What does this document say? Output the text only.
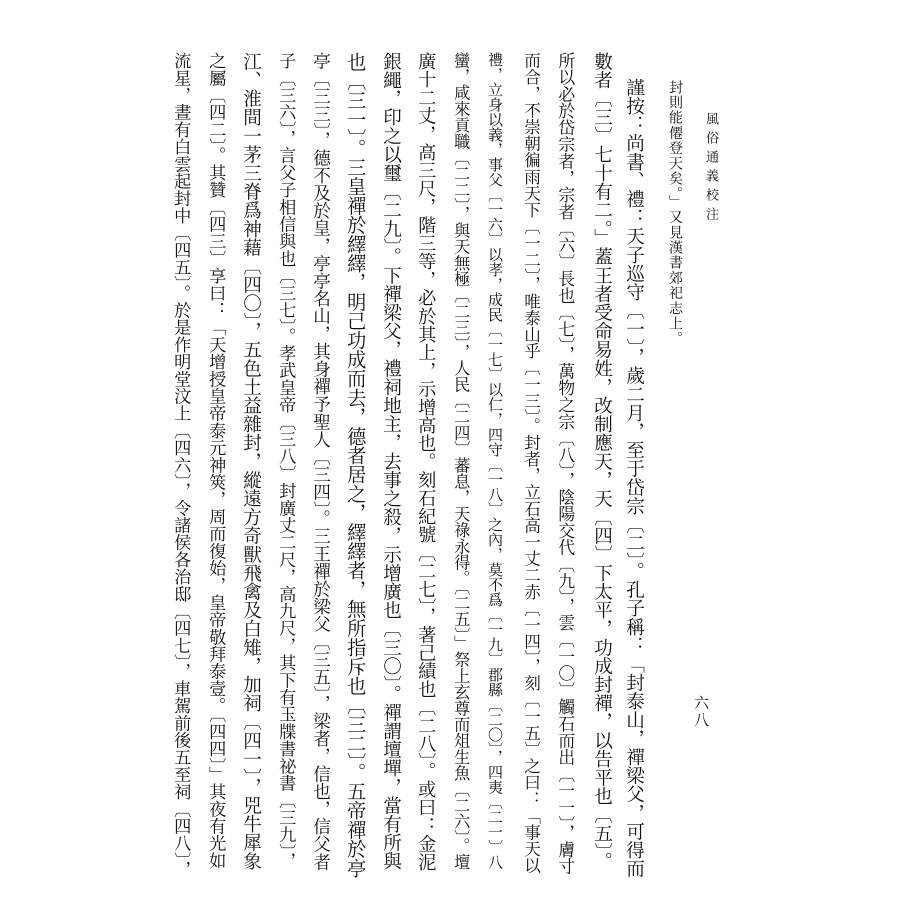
風俗通義校注
六八
封則能僊登天矣。」又見漢書郊祀志上。
謹按：尚書、禮：天子巡守〔一〕，歲二月，至于岱宗〔二〕。孔子稱：「封泰山，禪梁父，可得而
數者〔三〕七十有二。」蓋王者受命易姓，改制應天，天〔四〕下太平，功成封禪，以告平也〔五〕。
所以必於岱宗者，宗者〔六〕長也〔七〕，萬物之宗〔八〕，陰陽交代〔九〕，雲〔一〇〕觸石而出〔一一〕，膚寸
而合，不崇朝徧雨天下〔一二〕，唯泰山乎〔一三〕。封者，立石高一丈二赤〔一四〕，刻〔一五〕之曰：「事天以
禮，立身以義，事父〔一六〕以孝，成民〔一七〕以仁，四守〔一八〕之內，莫不爲〔一九〕郡縣〔二〇〕，四夷〔二一〕八
蠻，咸來貢職〔二二〕，與天無極〔二三〕，人民〔二四〕蕃息，天祿永得。〔二五〕」祭上玄尊而俎生魚〔二六〕。壇
廣十二丈，高三尺，階三等，必於其上，示增高也。刻石紀號〔二七〕，著己績也〔二八〕。或曰：金泥
銀繩，印之以璽〔二九〕。下禪梁父，禮祠地主，去事之殺，示增廣也〔三〇〕。禪謂壇墠，當有所與
也〔三一〕。三皇禪於繹繹，明己功成而去，德者居之，繹繹者，無所指斥也〔三二〕。五帝禪於亭
亭〔三三〕，德不及於皇，亭亭名山，其身禪予聖人〔三四〕。三王禪於梁父〔三五〕，梁者，信也，信父者
子〔三六〕，言父子相信與也〔三七〕。孝武皇帝〔三八〕封廣丈二尺，高九尺，其下有玉牒書祕書〔三九〕，
江、淮間一茅三脊爲神藉〔四〇〕，五色土益雜封，縱遠方奇獸飛禽及白雉，加祠〔四一〕，兕牛犀象
之屬〔四二〕。其贊〔四三〕享曰：「天增授皇帝泰元神筴，周而復始，皇帝敬拜泰壹。〔四四〕」其夜有光如
流星，晝有白雲起封中〔四五〕。於是作明堂汶上〔四六〕，令諸侯各治邸〔四七〕，車駕前後五至祠〔四八〕，
